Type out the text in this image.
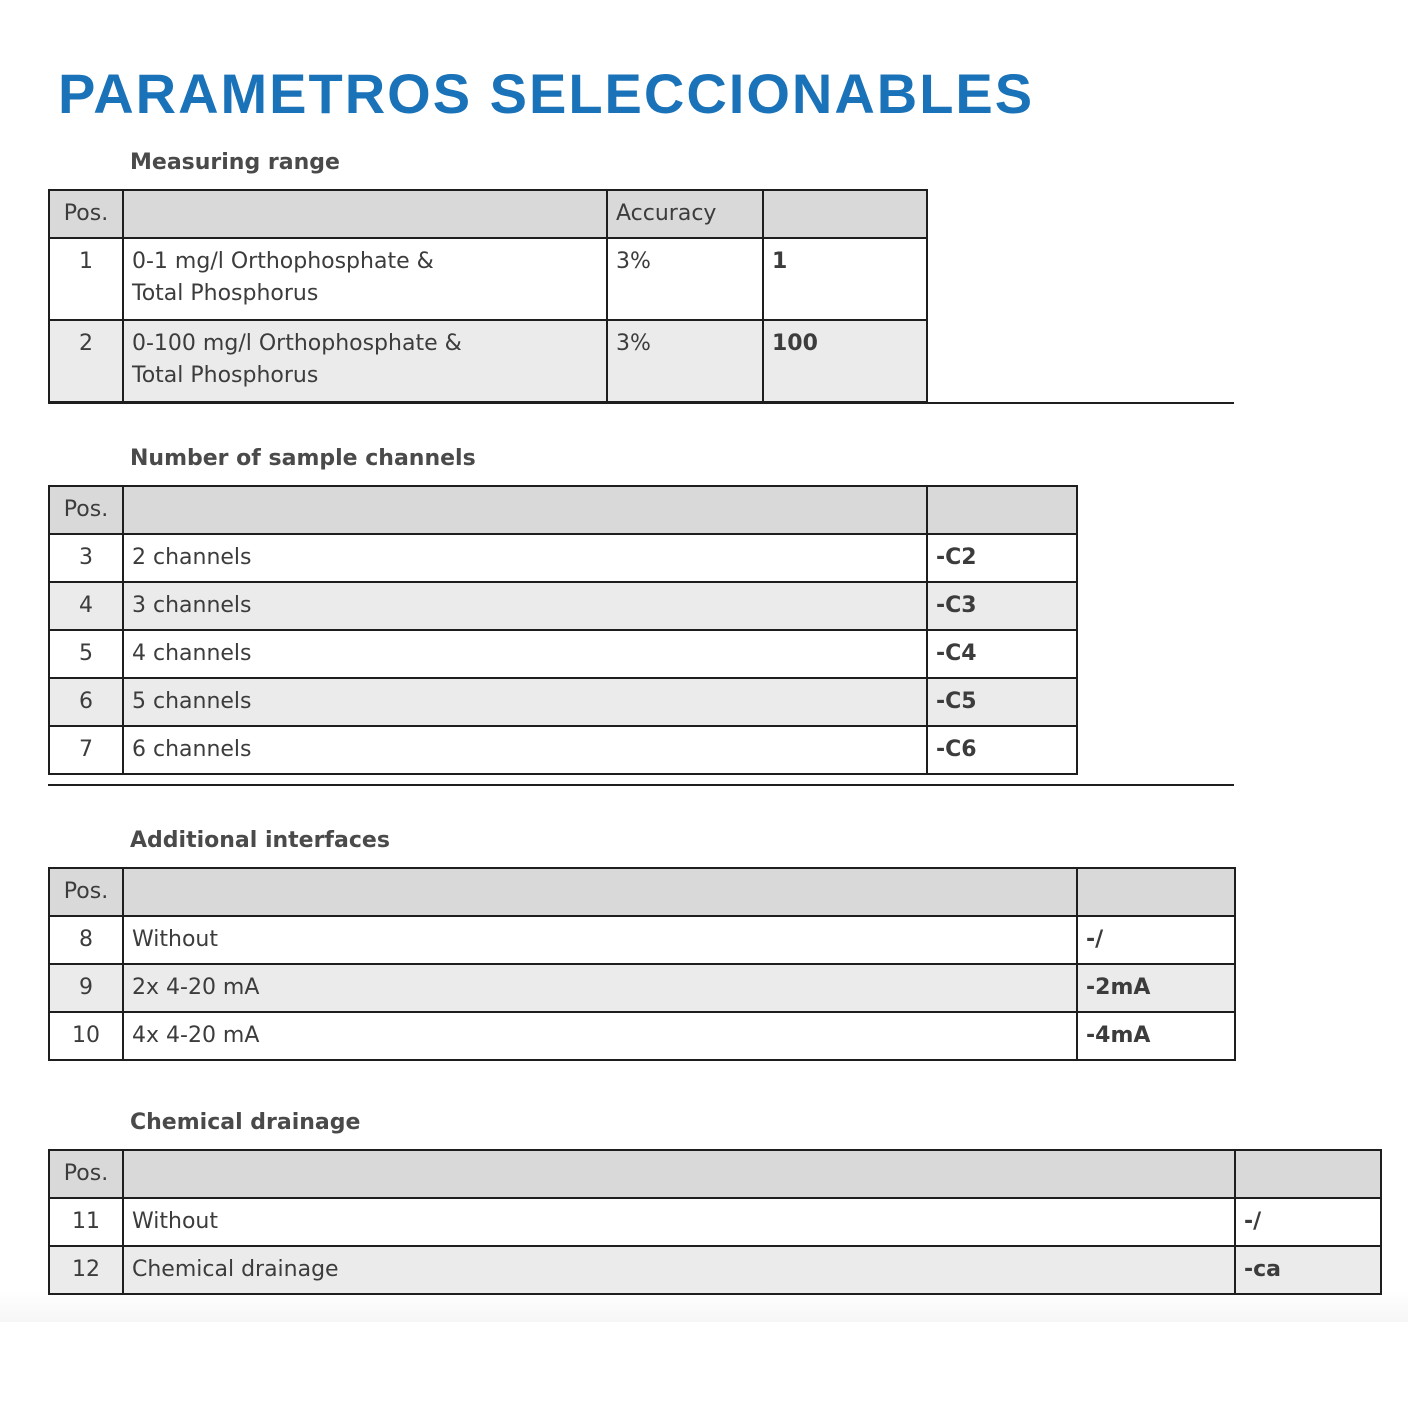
PARAMETROS SELECCIONABLES
Measuring range
Pos.		Accuracy	
1	0-1 mg/l Orthophosphate &
Total Phosphorus	3%	1
2	0-100 mg/l Orthophosphate &
Total Phosphorus	3%	100
Number of sample channels
Pos.		
3	2 channels	-C2
4	3 channels	-C3
5	4 channels	-C4
6	5 channels	-C5
7	6 channels	-C6
Additional interfaces
Pos.		
8	Without	-/
9	2x 4-20 mA	-2mA
10	4x 4-20 mA	-4mA
Chemical drainage
Pos.		
11	Without	-/
12	Chemical drainage	-ca
